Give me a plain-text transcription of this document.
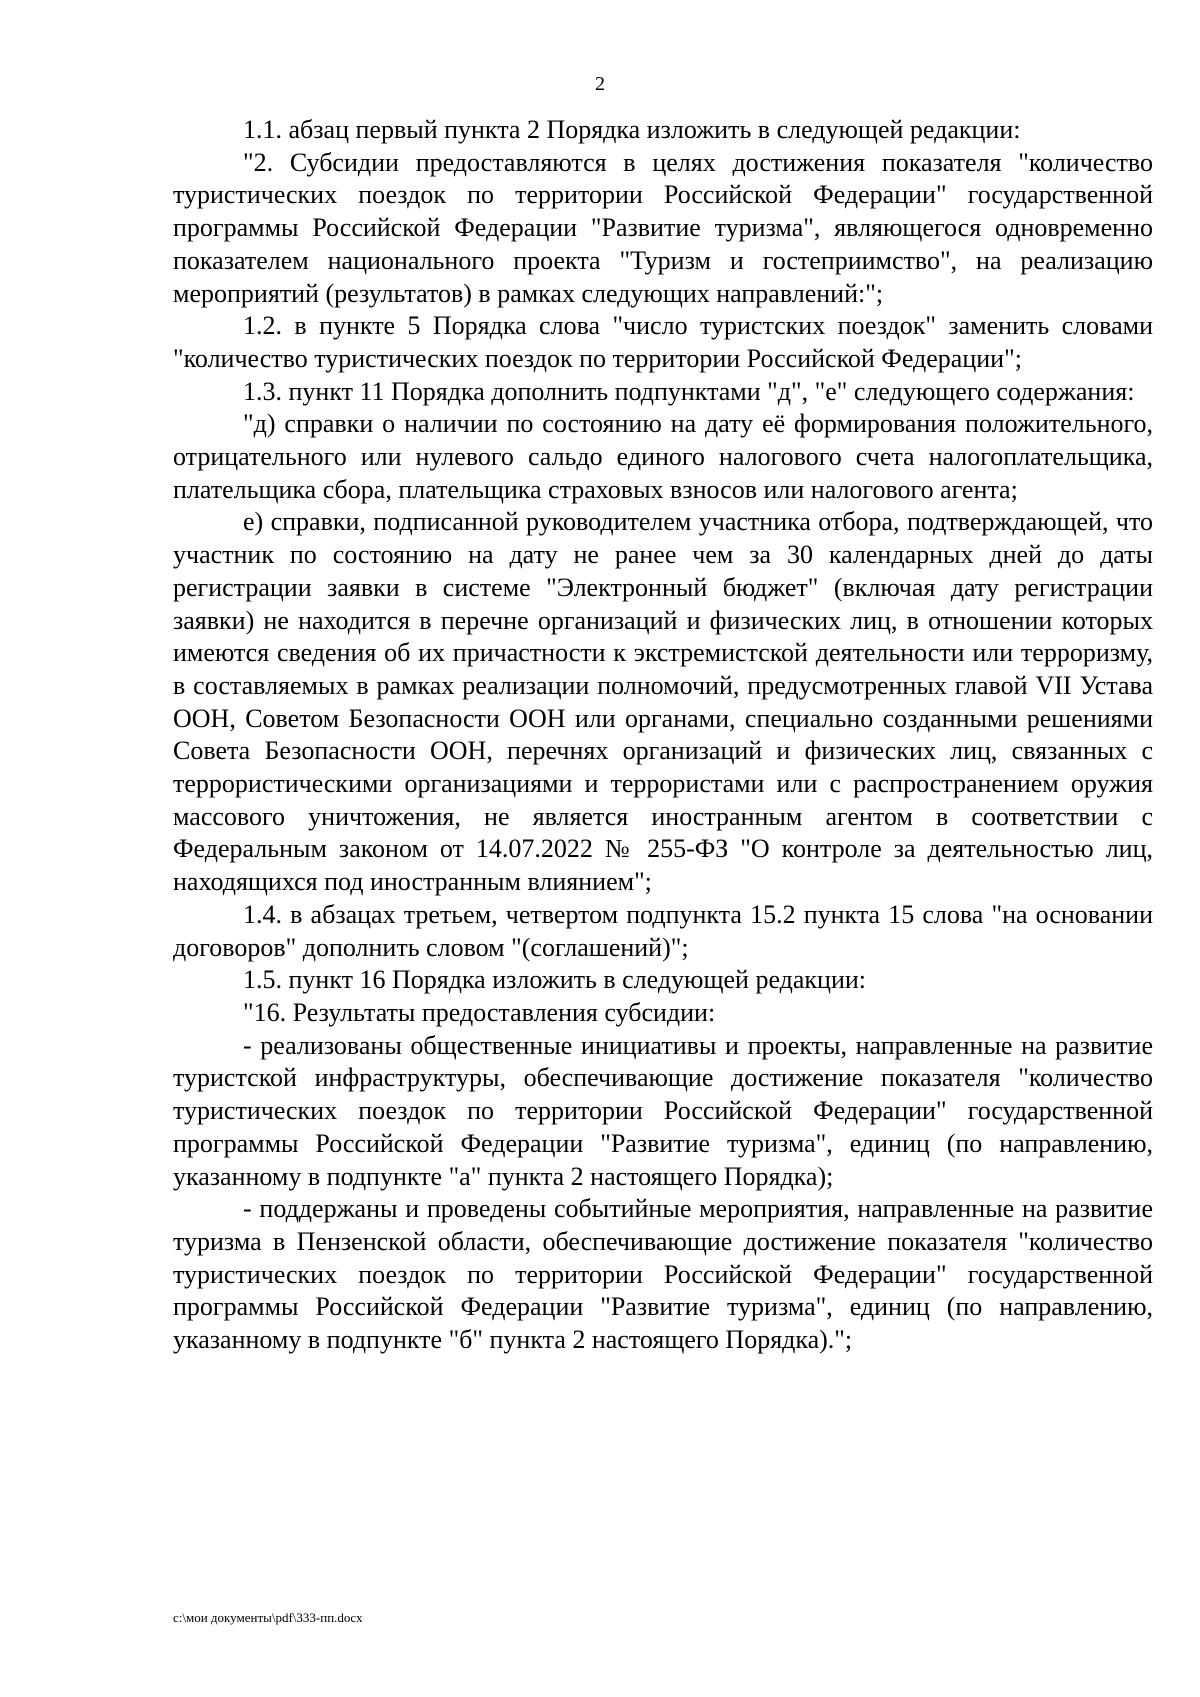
2

1.1. абзац первый пункта 2 Порядка изложить в следующей редакции:

"2. Субсидии предоставляются в целях достижения показателя "количество туристических поездок по территории Российской Федерации" государственной программы Российской Федерации "Развитие туризма", являющегося одновременно показателем национального проекта "Туризм и гостеприимство", на реализацию мероприятий (результатов) в рамках следующих направлений:";

1.2. в пункте 5 Порядка слова "число туристских поездок" заменить словами "количество туристических поездок по территории Российской Федерации";

1.3. пункт 11 Порядка дополнить подпунктами "д", "е" следующего содержания:

"д) справки о наличии по состоянию на дату её формирования положительного, отрицательного или нулевого сальдо единого налогового счета налогоплательщика, плательщика сбора, плательщика страховых взносов или налогового агента;

е) справки, подписанной руководителем участника отбора, подтверждающей, что участник по состоянию на дату не ранее чем за 30 календарных дней до даты регистрации заявки в системе "Электронный бюджет" (включая дату регистрации заявки) не находится в перечне организаций и физических лиц, в отношении которых имеются сведения об их причастности к экстремистской деятельности или терроризму, в составляемых в рамках реализации полномочий, предусмотренных главой VII Устава ООН, Советом Безопасности ООН или органами, специально созданными решениями Совета Безопасности ООН, перечнях организаций и физических лиц, связанных с террористическими организациями и террористами или с распространением оружия массового уничтожения, не является иностранным агентом в соответствии с Федеральным законом от 14.07.2022 № 255-ФЗ "О контроле за деятельностью лиц, находящихся под иностранным влиянием";

1.4. в абзацах третьем, четвертом подпункта 15.2 пункта 15 слова "на основании договоров" дополнить словом "(соглашений)";

1.5. пункт 16 Порядка изложить в следующей редакции:

"16. Результаты предоставления субсидии:

- реализованы общественные инициативы и проекты, направленные на развитие туристской инфраструктуры, обеспечивающие достижение показателя "количество туристических поездок по территории Российской Федерации" государственной программы Российской Федерации "Развитие туризма", единиц (по направлению, указанному в подпункте "а" пункта 2 настоящего Порядка);

- поддержаны и проведены событийные мероприятия, направленные на развитие туризма в Пензенской области, обеспечивающие достижение показателя "количество туристических поездок по территории Российской Федерации" государственной программы Российской Федерации "Развитие туризма", единиц (по направлению, указанному в подпункте "б" пункта 2 настоящего Порядка).";

c:\мои документы\pdf\333-пп.docx
